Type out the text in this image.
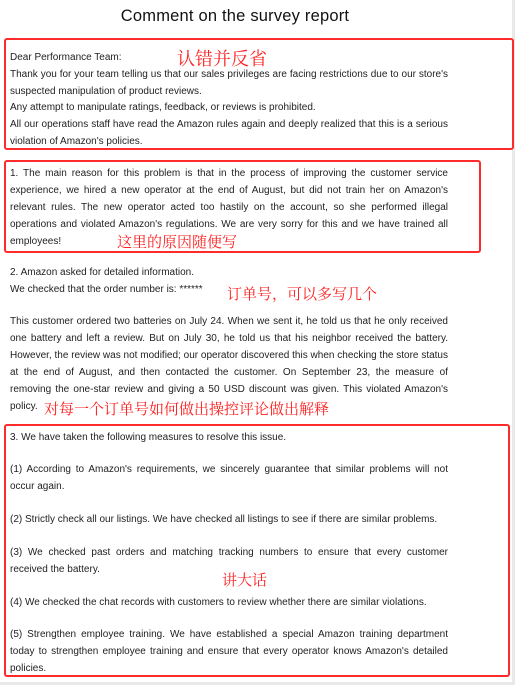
Comment on the survey report

Dear Performance Team:

Thank you for your team telling us that our sales privileges are facing restrictions due to our store's suspected manipulation of product reviews.

Any attempt to manipulate ratings, feedback, or reviews is prohibited.

All our operations staff have read the Amazon rules again and deeply realized that this is a serious violation of Amazon's policies.

认错并反省

1. The main reason for this problem is that in the process of improving the customer service experience, we hired a new operator at the end of August, but did not train her on Amazon's relevant rules. The new operator acted too hastily on the account, so she performed illegal operations and violated Amazon's regulations. We are very sorry for this and we have trained all employees!	这里的原因随便写

2. Amazon asked for detailed information.

We checked that the order number is: ******	订单号，可以多写几个

This customer ordered two batteries on July 24. When we sent it, he told us that he only received one battery and left a review. But on July 30, he told us that his neighbor received the battery. However, the review was not modified; our operator discovered this when checking the store status at the end of August, and then contacted the customer. On September 23, the measure of removing the one-star review and giving a 50 USD discount was given. This violated Amazon's policy. 对每一个订单号如何做出操控评论做出解释

3. We have taken the following measures to resolve this issue.

(1) According to Amazon's requirements, we sincerely guarantee that similar problems will not occur again.

(2) Strictly check all our listings. We have checked all listings to see if there are similar problems.

(3) We checked past orders and matching tracking numbers to ensure that every customer received the battery.

(4) We checked the chat records with customers to review whether there are similar violations.

(5) Strengthen employee training. We have established a special Amazon training department today to strengthen employee training and ensure that every operator knows Amazon's detailed policies.

讲大话
